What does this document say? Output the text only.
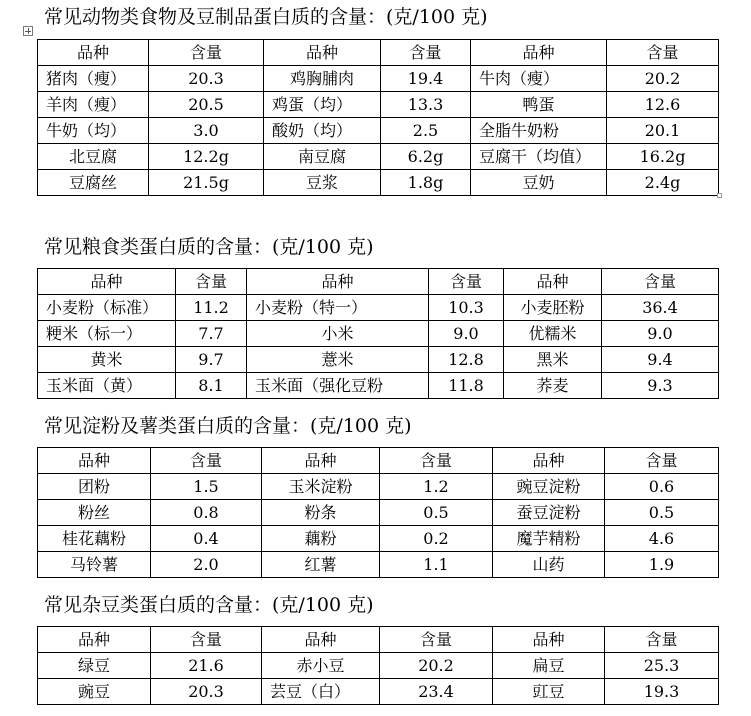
常见动物类食物及豆制品蛋白质的含量：(克/100 克)
品种	含量	品种	含量	品种	含量
猪肉（瘦）	20.3	鸡胸脯肉	19.4	牛肉（瘦）	20.2
羊肉（瘦）	20.5	鸡蛋（均）	13.3	鸭蛋	12.6
牛奶（均）	3.0	酸奶（均）	2.5	全脂牛奶粉	20.1
北豆腐	12.2g	南豆腐	6.2g	豆腐干（均值）	16.2g
豆腐丝	21.5g	豆浆	1.8g	豆奶	2.4g
常见粮食类蛋白质的含量：(克/100 克)
品种	含量	品种	含量	品种	含量
小麦粉（标准）	11.2	小麦粉（特一）	10.3	小麦胚粉	36.4
粳米（标一）	7.7	小米	9.0	优糯米	9.0
黄米	9.7	薏米	12.8	黑米	9.4
玉米面（黄）	8.1	玉米面（强化豆粉	11.8	荞麦	9.3
常见淀粉及薯类蛋白质的含量：(克/100 克)
品种	含量	品种	含量	品种	含量
团粉	1.5	玉米淀粉	1.2	豌豆淀粉	0.6
粉丝	0.8	粉条	0.5	蚕豆淀粉	0.5
桂花藕粉	0.4	藕粉	0.2	魔芋精粉	4.6
马铃薯	2.0	红薯	1.1	山药	1.9
常见杂豆类蛋白质的含量：(克/100 克)
品种	含量	品种	含量	品种	含量
绿豆	21.6	赤小豆	20.2	扁豆	25.3
豌豆	20.3	芸豆（白）	23.4	豇豆	19.3
